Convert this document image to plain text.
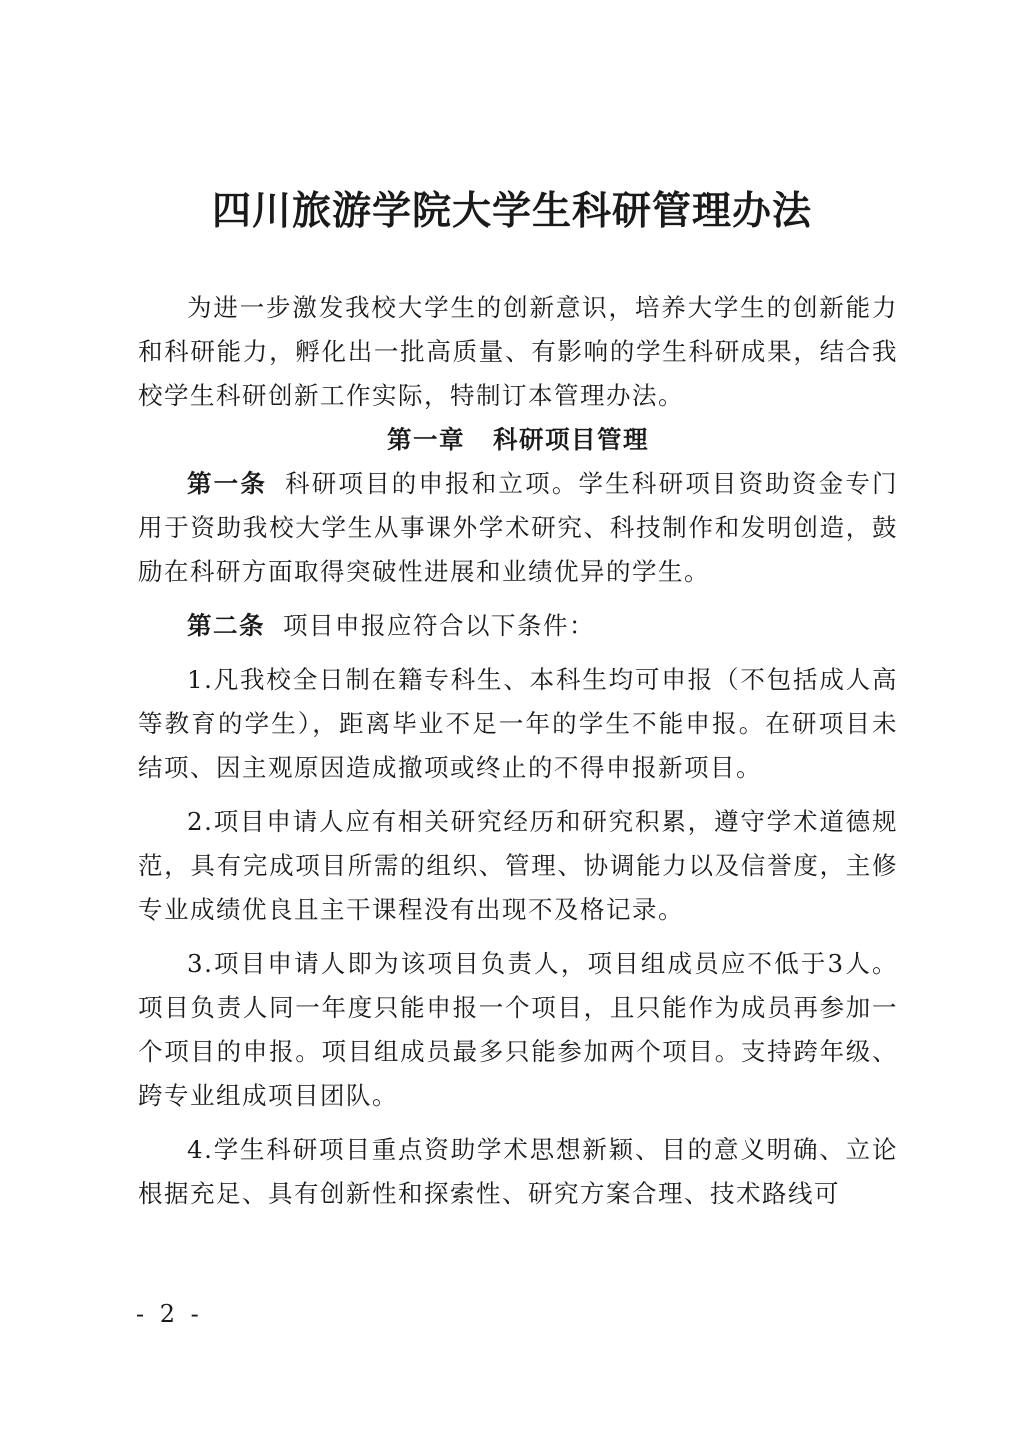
四川旅游学院大学生科研管理办法

为进一步激发我校大学生的创新意识，培养大学生的创新能力和科研能力，孵化出一批高质量、有影响的学生科研成果，结合我校学生科研创新工作实际，特制订本管理办法。

第一章 科研项目管理

第一条 科研项目的申报和立项。学生科研项目资助资金专门用于资助我校大学生从事课外学术研究、科技制作和发明创造，鼓励在科研方面取得突破性进展和业绩优异的学生。

第二条 项目申报应符合以下条件：

1.凡我校全日制在籍专科生、本科生均可申报（不包括成人高等教育的学生），距离毕业不足一年的学生不能申报。在研项目未结项、因主观原因造成撤项或终止的不得申报新项目。

2.项目申请人应有相关研究经历和研究积累，遵守学术道德规范，具有完成项目所需的组织、管理、协调能力以及信誉度，主修专业成绩优良且主干课程没有出现不及格记录。

3.项目申请人即为该项目负责人，项目组成员应不低于3人。项目负责人同一年度只能申报一个项目，且只能作为成员再参加一个项目的申报。项目组成员最多只能参加两个项目。支持跨年级、跨专业组成项目团队。

4.学生科研项目重点资助学术思想新颖、目的意义明确、立论根据充足、具有创新性和探索性、研究方案合理、技术路线可

- 2 -
